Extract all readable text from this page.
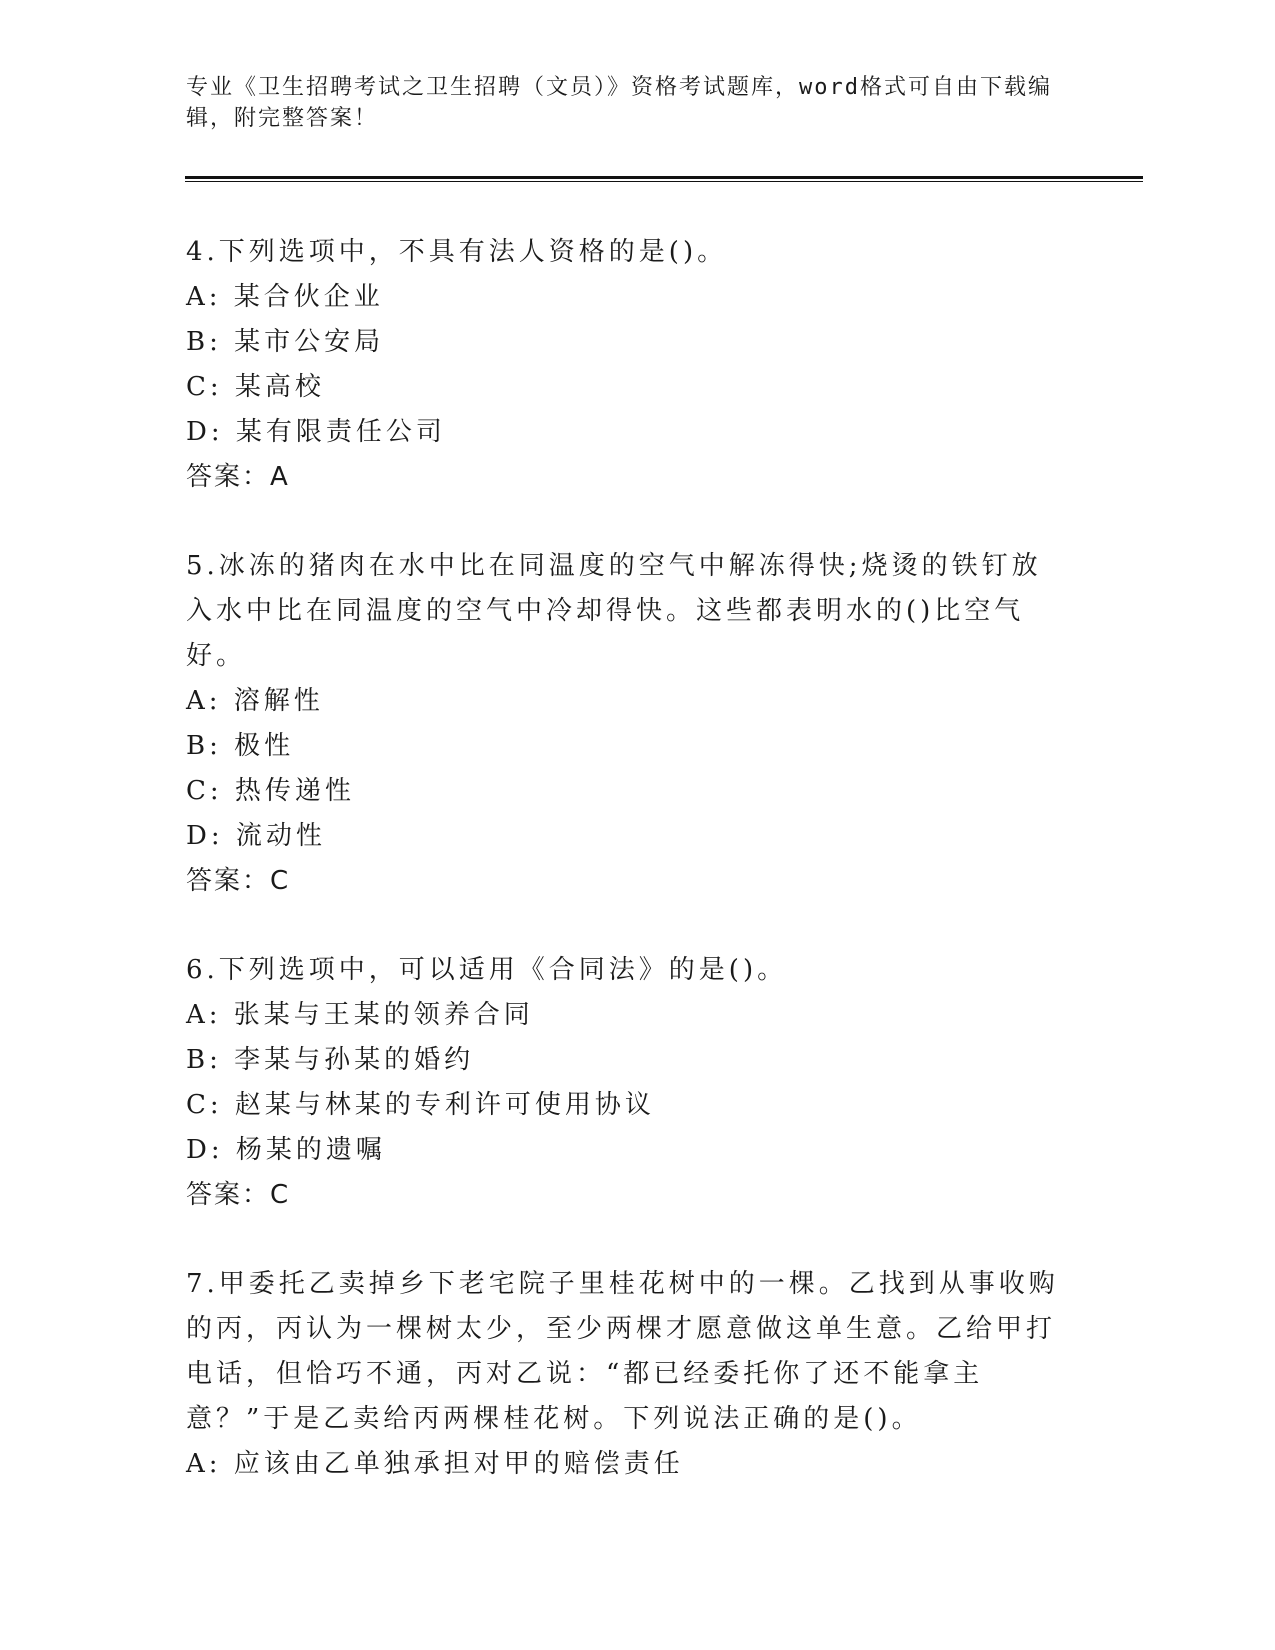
专业《卫生招聘考试之卫生招聘（文员）》资格考试题库，word格式可自由下载编辑，附完整答案！
4.下列选项中，不具有法人资格的是()。
A: 某合伙企业
B: 某市公安局
C: 某高校
D: 某有限责任公司
答案：A
5.冰冻的猪肉在水中比在同温度的空气中解冻得快;烧烫的铁钉放入水中比在同温度的空气中冷却得快。这些都表明水的()比空气好。
A: 溶解性
B: 极性
C: 热传递性
D: 流动性
答案：C
6.下列选项中，可以适用《合同法》的是()。
A: 张某与王某的领养合同
B: 李某与孙某的婚约
C: 赵某与林某的专利许可使用协议
D: 杨某的遗嘱
答案：C
7.甲委托乙卖掉乡下老宅院子里桂花树中的一棵。乙找到从事收购的丙，丙认为一棵树太少，至少两棵才愿意做这单生意。乙给甲打电话，但恰巧不通，丙对乙说：“都已经委托你了还不能拿主意？”于是乙卖给丙两棵桂花树。下列说法正确的是()。
A: 应该由乙单独承担对甲的赔偿责任
